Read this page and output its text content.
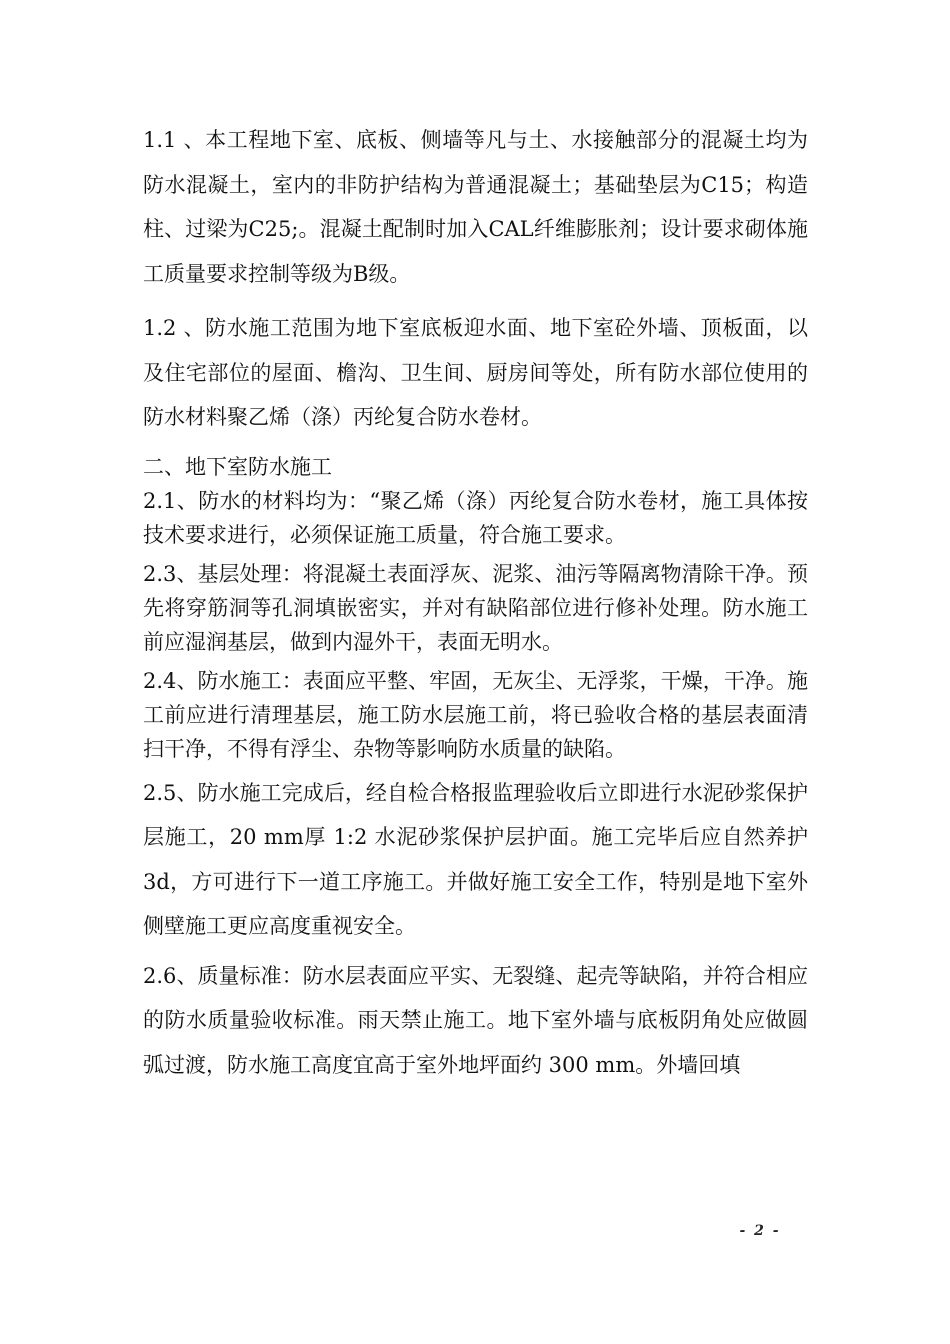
1.1 、本工程地下室、底板、侧墙等凡与土、水接触部分的混凝土均为防水混凝土，室内的非防护结构为普通混凝土；基础垫层为C15；构造柱、过梁为C25;。混凝土配制时加入CAL纤维膨胀剂；设计要求砌体施工质量要求控制等级为B级。

1.2 、防水施工范围为地下室底板迎水面、地下室砼外墙、顶板面，以及住宅部位的屋面、檐沟、卫生间、厨房间等处，所有防水部位使用的防水材料聚乙烯（涤）丙纶复合防水卷材。

二、地下室防水施工

2.1、防水的材料均为：“聚乙烯（涤）丙纶复合防水卷材，施工具体按技术要求进行，必须保证施工质量，符合施工要求。

2.3、基层处理：将混凝土表面浮灰、泥浆、油污等隔离物清除干净。预先将穿筋洞等孔洞填嵌密实，并对有缺陷部位进行修补处理。防水施工前应湿润基层，做到内湿外干，表面无明水。

2.4、防水施工：表面应平整、牢固，无灰尘、无浮浆，干燥，干净。施工前应进行清理基层，施工防水层施工前，将已验收合格的基层表面清扫干净，不得有浮尘、杂物等影响防水质量的缺陷。

2.5、防水施工完成后，经自检合格报监理验收后立即进行水泥砂浆保护层施工，20 mm厚 1:2 水泥砂浆保护层护面。施工完毕后应自然养护 3d，方可进行下一道工序施工。并做好施工安全工作，特别是地下室外侧壁施工更应高度重视安全。

2.6、质量标准：防水层表面应平实、无裂缝、起壳等缺陷，并符合相应的防水质量验收标准。雨天禁止施工。地下室外墙与底板阴角处应做圆弧过渡，防水施工高度宜高于室外地坪面约 300 mm。外墙回填

- 2 -
